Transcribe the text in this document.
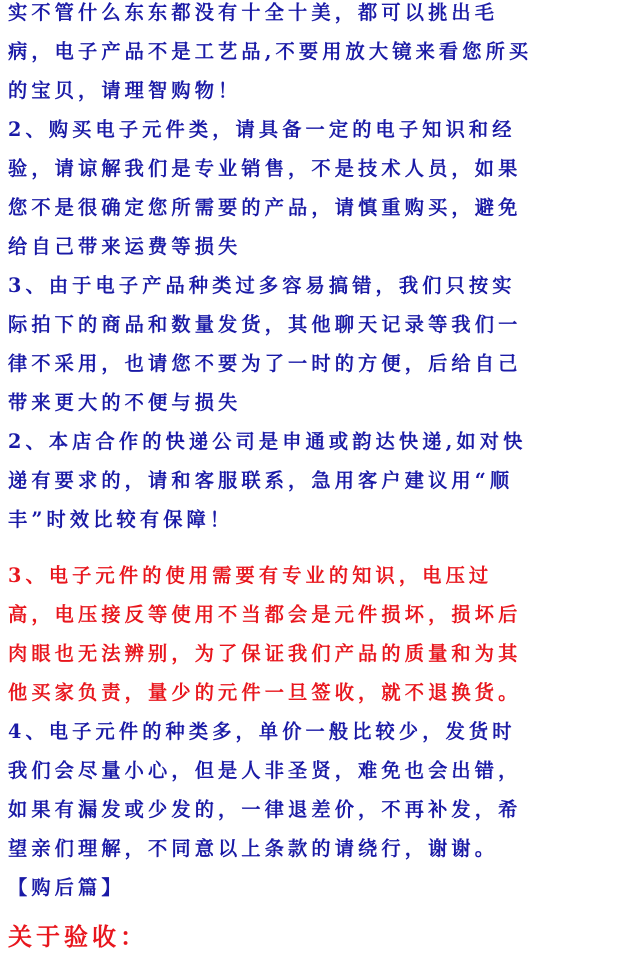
实不管什么东东都没有十全十美，都可以挑出毛
病，电子产品不是工艺品,不要用放大镜来看您所买
的宝贝，请理智购物！
2、购买电子元件类，请具备一定的电子知识和经
验，请谅解我们是专业销售，不是技术人员，如果
您不是很确定您所需要的产品，请慎重购买，避免
给自己带来运费等损失
3、由于电子产品种类过多容易搞错，我们只按实
际拍下的商品和数量发货，其他聊天记录等我们一
律不采用，也请您不要为了一时的方便，后给自己
带来更大的不便与损失
2、本店合作的快递公司是申通或韵达快递,如对快
递有要求的，请和客服联系，急用客户建议用“顺
丰”时效比较有保障！
3、电子元件的使用需要有专业的知识，电压过
高，电压接反等使用不当都会是元件损坏，损坏后
肉眼也无法辨别，为了保证我们产品的质量和为其
他买家负责，量少的元件一旦签收，就不退换货。
4、电子元件的种类多，单价一般比较少，发货时
我们会尽量小心，但是人非圣贤，难免也会出错，
如果有漏发或少发的，一律退差价，不再补发，希
望亲们理解，不同意以上条款的请绕行，谢谢。
【购后篇】
关于验收：
